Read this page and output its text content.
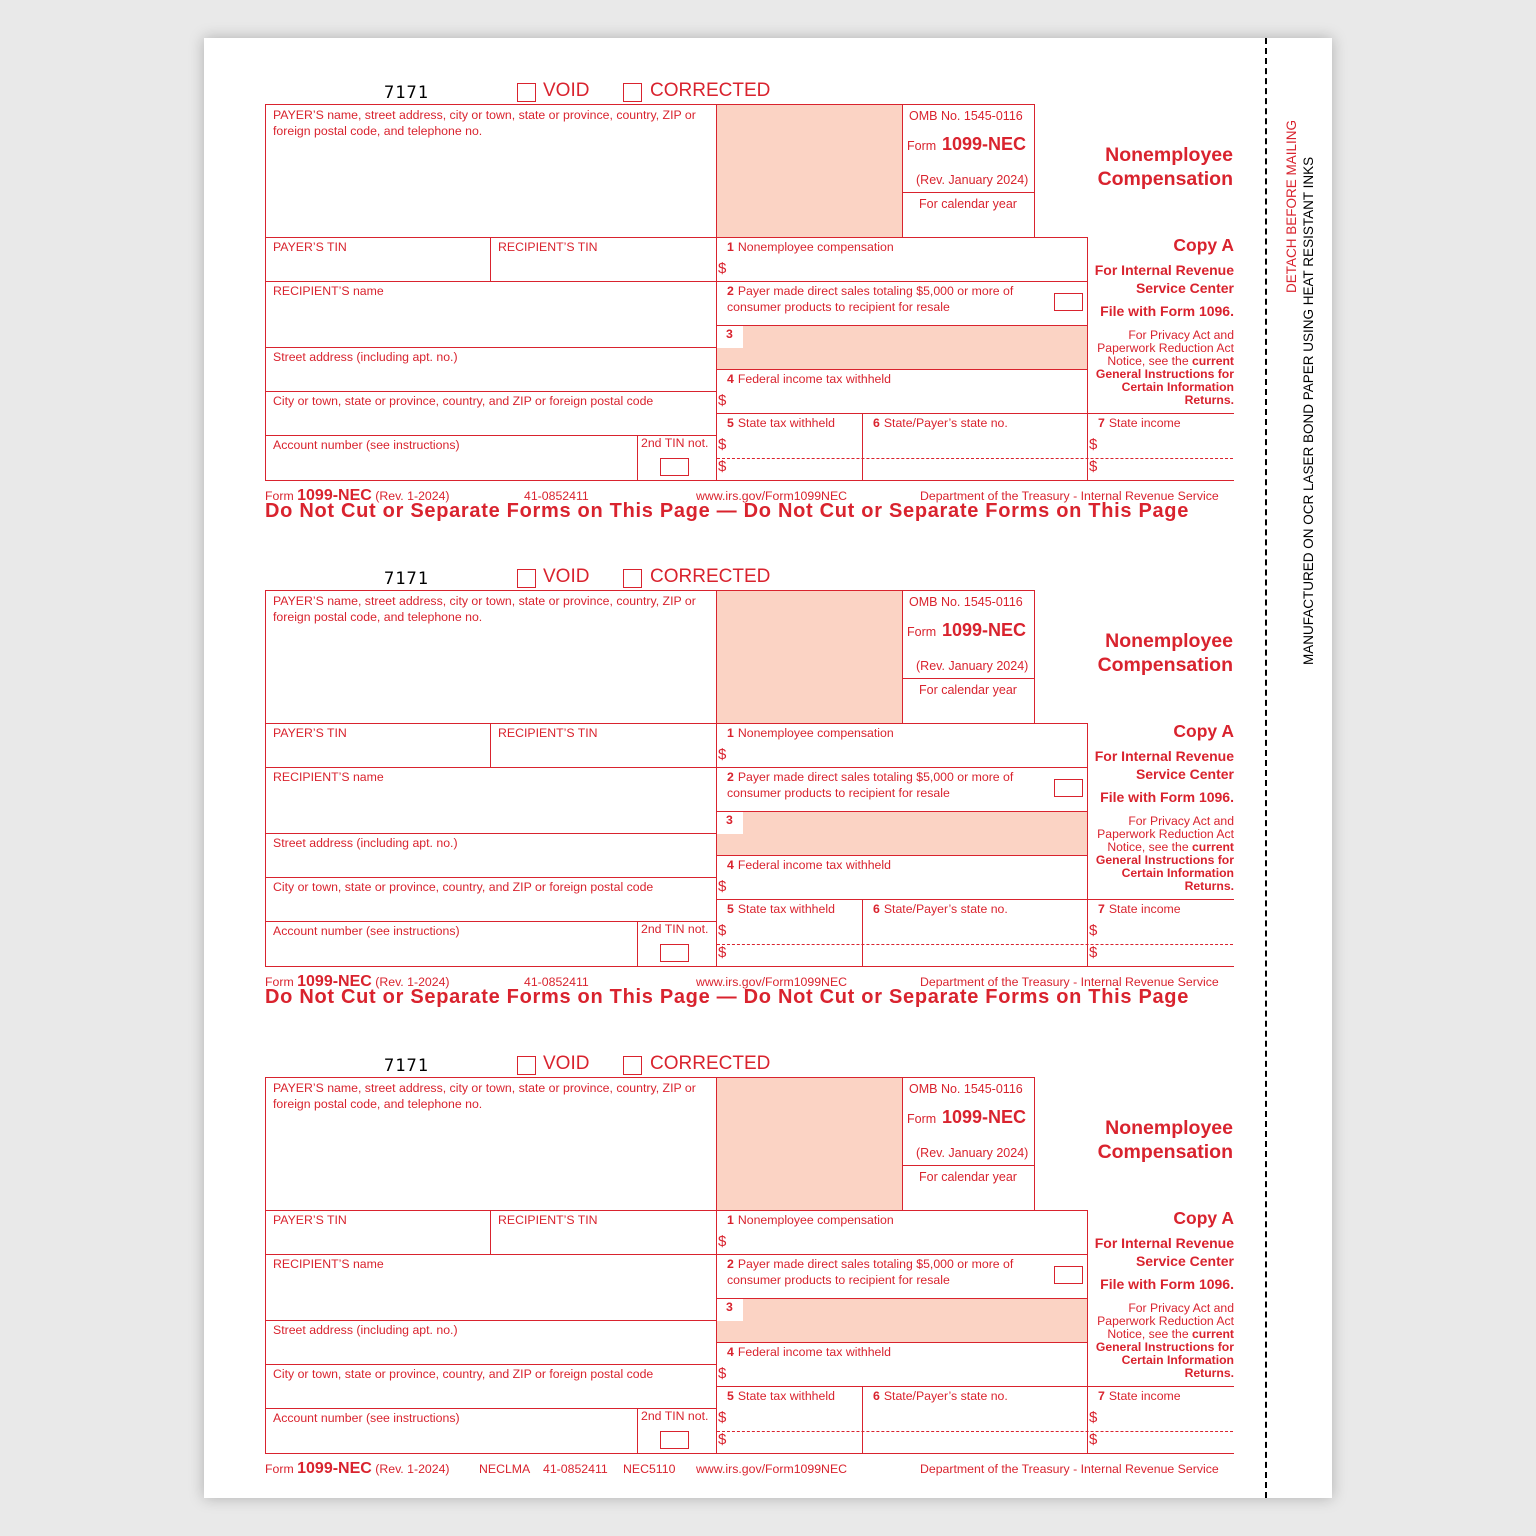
DETACH BEFORE MAILING MANUFACTURED ON OCR LASER BOND PAPER USING HEAT RESISTANT INKS
7171	VOID	CORRECTED
PAYER’S name, street address, city or town, state or province, country, ZIP or foreign postal code, and telephone no.
OMB No. 1545-0116
Form 1099-NEC
(Rev. January 2024)
For calendar year
Nonemployee
Compensation
PAYER’S TIN	RECIPIENT’S TIN
RECIPIENT’S name
Street address (including apt. no.)
City or town, state or province, country, and ZIP or foreign postal code
Account number (see instructions)	2nd TIN not.
1 Nonemployee compensation
$
2 Payer made direct sales totaling $5,000 or more of consumer products to recipient for resale
3
4 Federal income tax withheld
$
5 State tax withheld
$
$
6 State/Payer’s state no.
Copy A
For Internal Revenue
Service Center
File with Form 1096.
For Privacy Act and
Paperwork Reduction Act
Notice, see the current
General Instructions for
Certain Information
Returns.
7 State income
$
$
Form 1099-NEC (Rev. 1-2024)	41-0852411	www.irs.gov/Form1099NEC	Department of the Treasury - Internal Revenue Service
7171	VOID	CORRECTED
PAYER’S name, street address, city or town, state or province, country, ZIP or foreign postal code, and telephone no.
OMB No. 1545-0116
Form 1099-NEC
(Rev. January 2024)
For calendar year
Nonemployee
Compensation
PAYER’S TIN	RECIPIENT’S TIN
RECIPIENT’S name
Street address (including apt. no.)
City or town, state or province, country, and ZIP or foreign postal code
Account number (see instructions)	2nd TIN not.
1 Nonemployee compensation
$
2 Payer made direct sales totaling $5,000 or more of consumer products to recipient for resale
3
4 Federal income tax withheld
$
5 State tax withheld
$
$
6 State/Payer’s state no.
Copy A
For Internal Revenue
Service Center
File with Form 1096.
For Privacy Act and
Paperwork Reduction Act
Notice, see the current
General Instructions for
Certain Information
Returns.
7 State income
$
$
Form 1099-NEC (Rev. 1-2024)	41-0852411	www.irs.gov/Form1099NEC	Department of the Treasury - Internal Revenue Service
7171	VOID	CORRECTED
PAYER’S name, street address, city or town, state or province, country, ZIP or foreign postal code, and telephone no.
OMB No. 1545-0116
Form 1099-NEC
(Rev. January 2024)
For calendar year
Nonemployee
Compensation
PAYER’S TIN	RECIPIENT’S TIN
RECIPIENT’S name
Street address (including apt. no.)
City or town, state or province, country, and ZIP or foreign postal code
Account number (see instructions)	2nd TIN not.
1 Nonemployee compensation
$
2 Payer made direct sales totaling $5,000 or more of consumer products to recipient for resale
3
4 Federal income tax withheld
$
5 State tax withheld
$
$
6 State/Payer’s state no.
Copy A
For Internal Revenue
Service Center
File with Form 1096.
For Privacy Act and
Paperwork Reduction Act
Notice, see the current
General Instructions for
Certain Information
Returns.
7 State income
$
$
Form 1099-NEC (Rev. 1-2024) NECLMA 41-0852411 NEC5110 www.irs.gov/Form1099NEC	Department of the Treasury - Internal Revenue Service
Do Not Cut or Separate Forms on This Page — Do Not Cut or Separate Forms on This Page
Do Not Cut or Separate Forms on This Page — Do Not Cut or Separate Forms on This Page
